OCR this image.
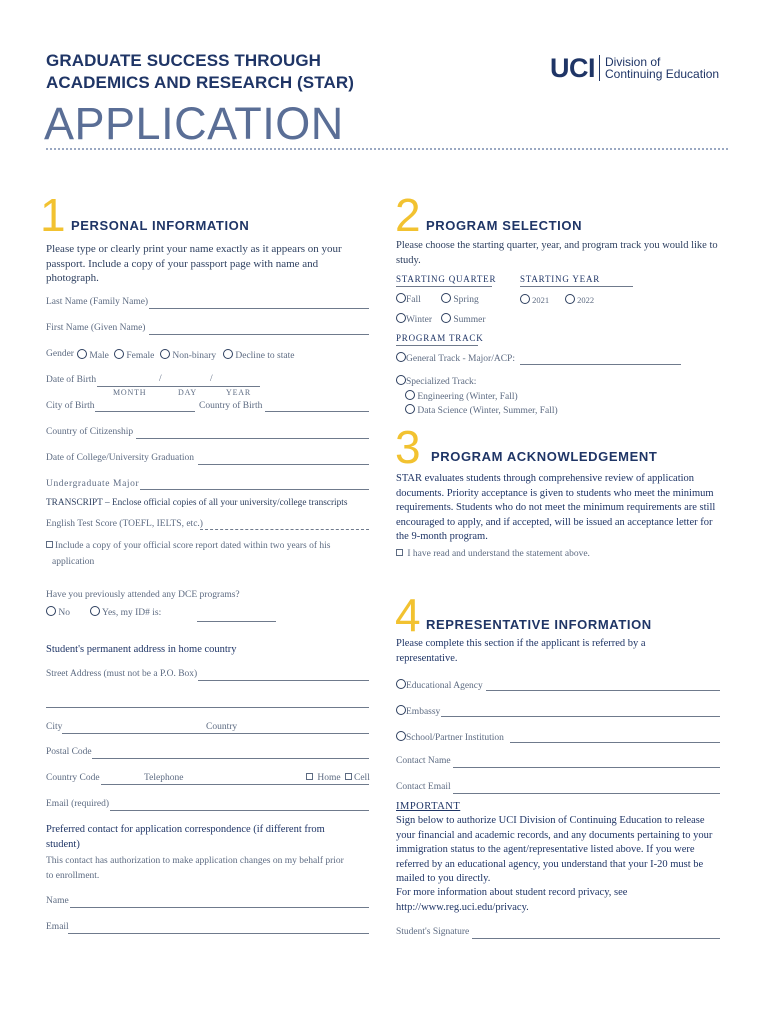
GRADUATE SUCCESS THROUGH
ACADEMICS AND RESEARCH (STAR)
APPLICATION
UCI Division of
Continuing Education
1 PERSONAL INFORMATION
Please type or clearly print your name exactly as it appears on your passport. Include a copy of your passport page with name and photograph.
Last Name (Family Name)
First Name (Given Name)
Gender	Male	Female	Non-binary	Decline to state
Date of Birth	/	/
MONTH	DAY	YEAR
City of Birth	Country of Birth
Country of Citizenship
Date of College/University Graduation
Undergraduate Major
TRANSCRIPT – Enclose official copies of all your university/college transcripts
English Test Score (TOEFL, IELTS, etc.)
Include a copy of your official score report dated within two years of his
application
Have you previously attended any DCE programs?
No	Yes, my ID# is:
Student's permanent address in home country
Street Address (must not be a P.O. Box)
City	Country
Postal Code
Country Code	Telephone	Home	Cell
Email (required)
Preferred contact for application correspondence (if different from
student)
This contact has authorization to make application changes on my behalf prior
to enrollment.
Name
Email
2 PROGRAM SELECTION
Please choose the starting quarter, year, and program track you would like to study.
STARTING QUARTER	STARTING YEAR
Fall	Spring	2021	2022
Winter	Summer
PROGRAM TRACK
General Track - Major/ACP:
Specialized Track:
Engineering (Winter, Fall)
Data Science (Winter, Summer, Fall)
3 PROGRAM ACKNOWLEDGEMENT
STAR evaluates students through comprehensive review of application documents. Priority acceptance is given to students who meet the minimum requirements. Students who do not meet the minimum requirements are still encouraged to apply, and if accepted, will be issued an acceptance letter for the 9-month program.
I have read and understand the statement above.
4 REPRESENTATIVE INFORMATION
Please complete this section if the applicant is referred by a representative.
Educational Agency
Embassy
School/Partner Institution
Contact Name
Contact Email
IMPORTANT
Sign below to authorize UCI Division of Continuing Education to release your financial and academic records, and any documents pertaining to your immigration status to the agent/representative listed above. If you were referred by an educational agency, you understand that your I-20 must be mailed to you directly.
For more information about student record privacy, see
http://www.reg.uci.edu/privacy.
Student's Signature
